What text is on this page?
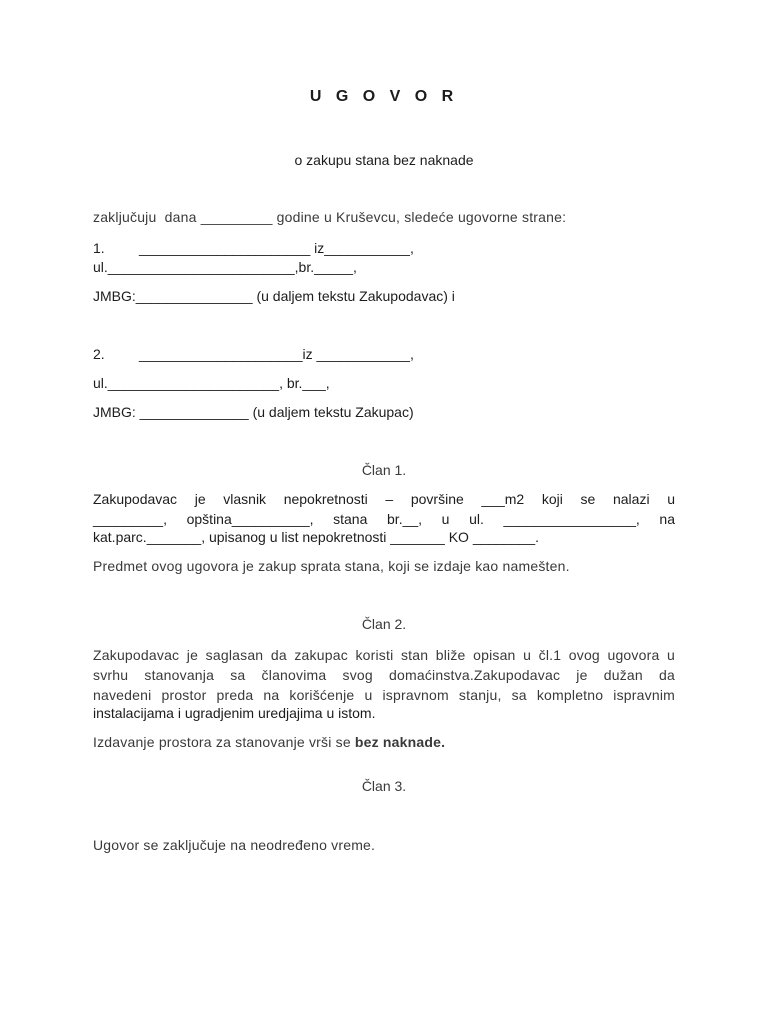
U G O V O R
o zakupu stana bez naknade
zaključuju  dana _________ godine u Kruševcu, sledeće ugovorne strane:
1. ______________________ iz___________,
ul.________________________,br._____,
JMBG:_______________ (u daljem tekstu Zakupodavac) i
2. _____________________iz ____________,
ul.______________________, br.___,
JMBG: ______________ (u daljem tekstu Zakupac)
Član 1.
Zakupodavac je vlasnik nepokretnosti – površine ___m2 koji se nalazi u
_________, opština__________, stana br.__, u ul. _________________, na
kat.parc._______, upisanog u list nepokretnosti _______ KO ________.
Predmet ovog ugovora je zakup sprata stana, koji se izdaje kao namešten.
Član 2.
Zakupodavac je saglasan da zakupac koristi stan bliže opisan u čl.1 ovog ugovora u
svrhu stanovanja sa članovima svog domaćinstva.Zakupodavac je dužan da
navedeni prostor preda na korišćenje u ispravnom stanju, sa kompletno ispravnim
instalacijama i ugradjenim uredjajima u istom.
Izdavanje prostora za stanovanje vrši se bez naknade.
Član 3.
Ugovor se zaključuje na neodređeno vreme.
